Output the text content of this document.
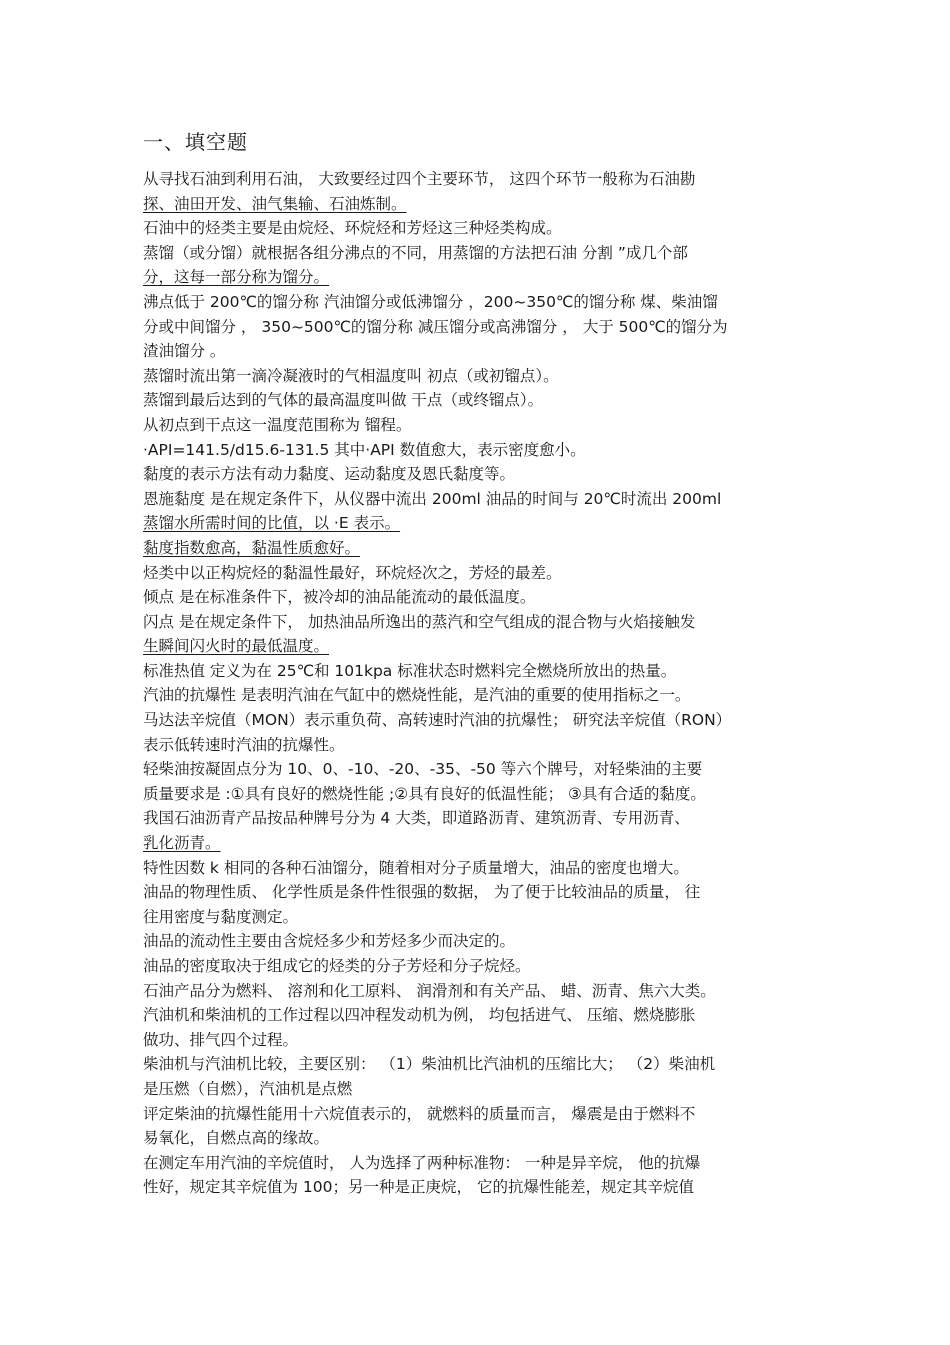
一、填空题
从寻找石油到利用石油， 大致要经过四个主要环节， 这四个环节一般称为石油勘
探、油田开发、油气集输、石油炼制。
石油中的烃类主要是由烷烃、环烷烃和芳烃这三种烃类构成。
蒸馏（或分馏）就根据各组分沸点的不同，用蒸馏的方法把石油 分割 ”成几个部
分，这每一部分称为馏分。
沸点低于 200℃的馏分称 汽油馏分或低沸馏分 ，200~350℃的馏分称 煤、柴油馏
分或中间馏分 ， 350~500℃的馏分称 减压馏分或高沸馏分 ， 大于 500℃的馏分为
渣油馏分 。
蒸馏时流出第一滴冷凝液时的气相温度叫 初点（或初镏点）。
蒸馏到最后达到的气体的最高温度叫做 干点（或终镏点）。
从初点到干点这一温度范围称为 镏程。
·API=141.5/d15.6-131.5 其中·API 数值愈大，表示密度愈小。
黏度的表示方法有动力黏度、运动黏度及恩氏黏度等。
恩施黏度 是在规定条件下，从仪器中流出 200ml 油品的时间与 20℃时流出 200ml
蒸馏水所需时间的比值，以 ·E 表示。
黏度指数愈高，黏温性质愈好。
烃类中以正构烷烃的黏温性最好，环烷烃次之，芳烃的最差。
倾点 是在标准条件下，被冷却的油品能流动的最低温度。
闪点 是在规定条件下， 加热油品所逸出的蒸汽和空气组成的混合物与火焰接触发
生瞬间闪火时的最低温度。
标准热值 定义为在 25℃和 101kpa 标准状态时燃料完全燃烧所放出的热量。
汽油的抗爆性 是表明汽油在气缸中的燃烧性能，是汽油的重要的使用指标之一。
马达法辛烷值（MON）表示重负荷、高转速时汽油的抗爆性； 研究法辛烷值（RON）
表示低转速时汽油的抗爆性。
轻柴油按凝固点分为 10、0、-10、-20、-35、-50 等六个牌号，对轻柴油的主要
质量要求是 :①具有良好的燃烧性能 ;②具有良好的低温性能； ③具有合适的黏度。
我国石油沥青产品按品种牌号分为 4 大类，即道路沥青、建筑沥青、专用沥青、
乳化沥青。
特性因数 k 相同的各种石油馏分，随着相对分子质量增大，油品的密度也增大。
油品的物理性质、 化学性质是条件性很强的数据， 为了便于比较油品的质量， 往
往用密度与黏度测定。
油品的流动性主要由含烷烃多少和芳烃多少而决定的。
油品的密度取决于组成它的烃类的分子芳烃和分子烷烃。
石油产品分为燃料、 溶剂和化工原料、 润滑剂和有关产品、 蜡、沥青、焦六大类。
汽油机和柴油机的工作过程以四冲程发动机为例， 均包括进气、 压缩、燃烧膨胀
做功、排气四个过程。
柴油机与汽油机比较，主要区别： （1）柴油机比汽油机的压缩比大； （2）柴油机
是压燃（自燃），汽油机是点燃
评定柴油的抗爆性能用十六烷值表示的， 就燃料的质量而言， 爆震是由于燃料不
易氧化，自燃点高的缘故。
在测定车用汽油的辛烷值时， 人为选择了两种标准物： 一种是异辛烷， 他的抗爆
性好，规定其辛烷值为 100；另一种是正庚烷， 它的抗爆性能差，规定其辛烷值
